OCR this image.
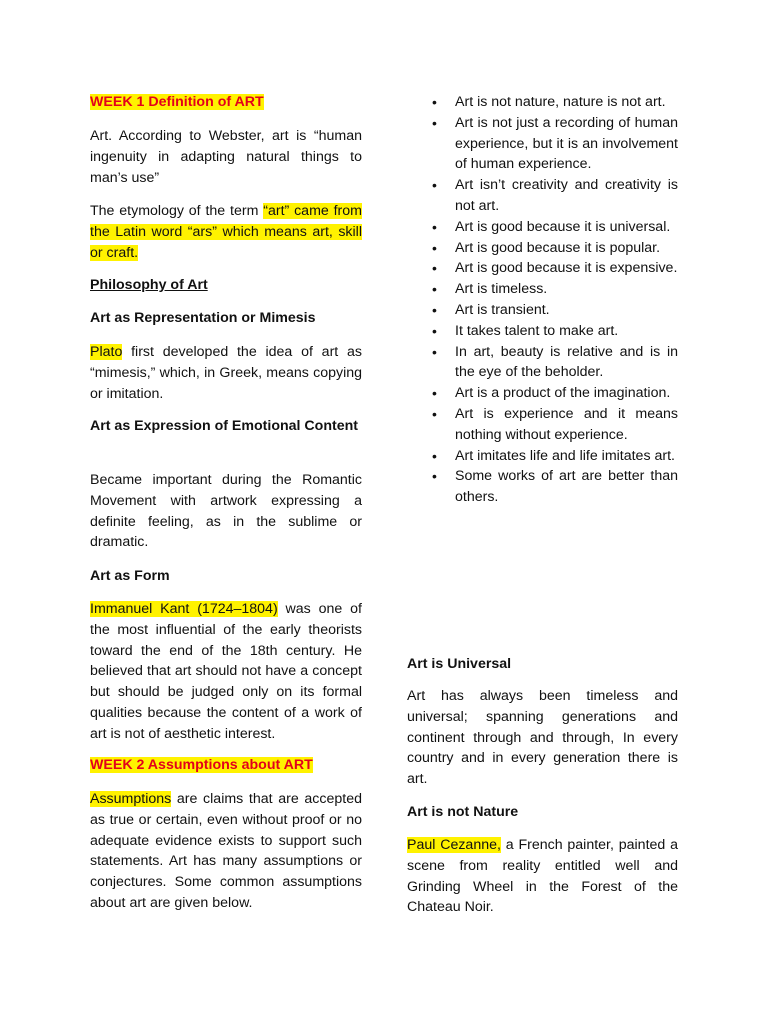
WEEK 1 Definition of ART
Art. According to Webster, art is “human ingenuity in adapting natural things to man’s use”
The etymology of the term “art” came from the Latin word “ars” which means art, skill or craft.
Philosophy of Art
Art as Representation or Mimesis
Plato first developed the idea of art as “mimesis,” which, in Greek, means copying or imitation.
Art as Expression of Emotional Content
Became important during the Romantic Movement with artwork expressing a definite feeling, as in the sublime or dramatic.
Art as Form
Immanuel Kant (1724–1804) was one of the most influential of the early theorists toward the end of the 18th century. He believed that art should not have a concept but should be judged only on its formal qualities because the content of a work of art is not of aesthetic interest.
WEEK 2 Assumptions about ART
Assumptions are claims that are accepted as true or certain, even without proof or no adequate evidence exists to support such statements. Art has many assumptions or conjectures. Some common assumptions about art are given below.
• Art is not nature, nature is not art.
• Art is not just a recording of human experience, but it is an involvement of human experience.
• Art isn’t creativity and creativity is not art.
• Art is good because it is universal.
• Art is good because it is popular.
• Art is good because it is expensive.
• Art is timeless.
• Art is transient.
• It takes talent to make art.
• In art, beauty is relative and is in the eye of the beholder.
• Art is a product of the imagination.
• Art is experience and it means nothing without experience.
• Art imitates life and life imitates art.
• Some works of art are better than others.
Art is Universal
Art has always been timeless and universal; spanning generations and continent through and through, In every country and in every generation there is art.
Art is not Nature
Paul Cezanne, a French painter, painted a scene from reality entitled well and Grinding Wheel in the Forest of the Chateau Noir.
